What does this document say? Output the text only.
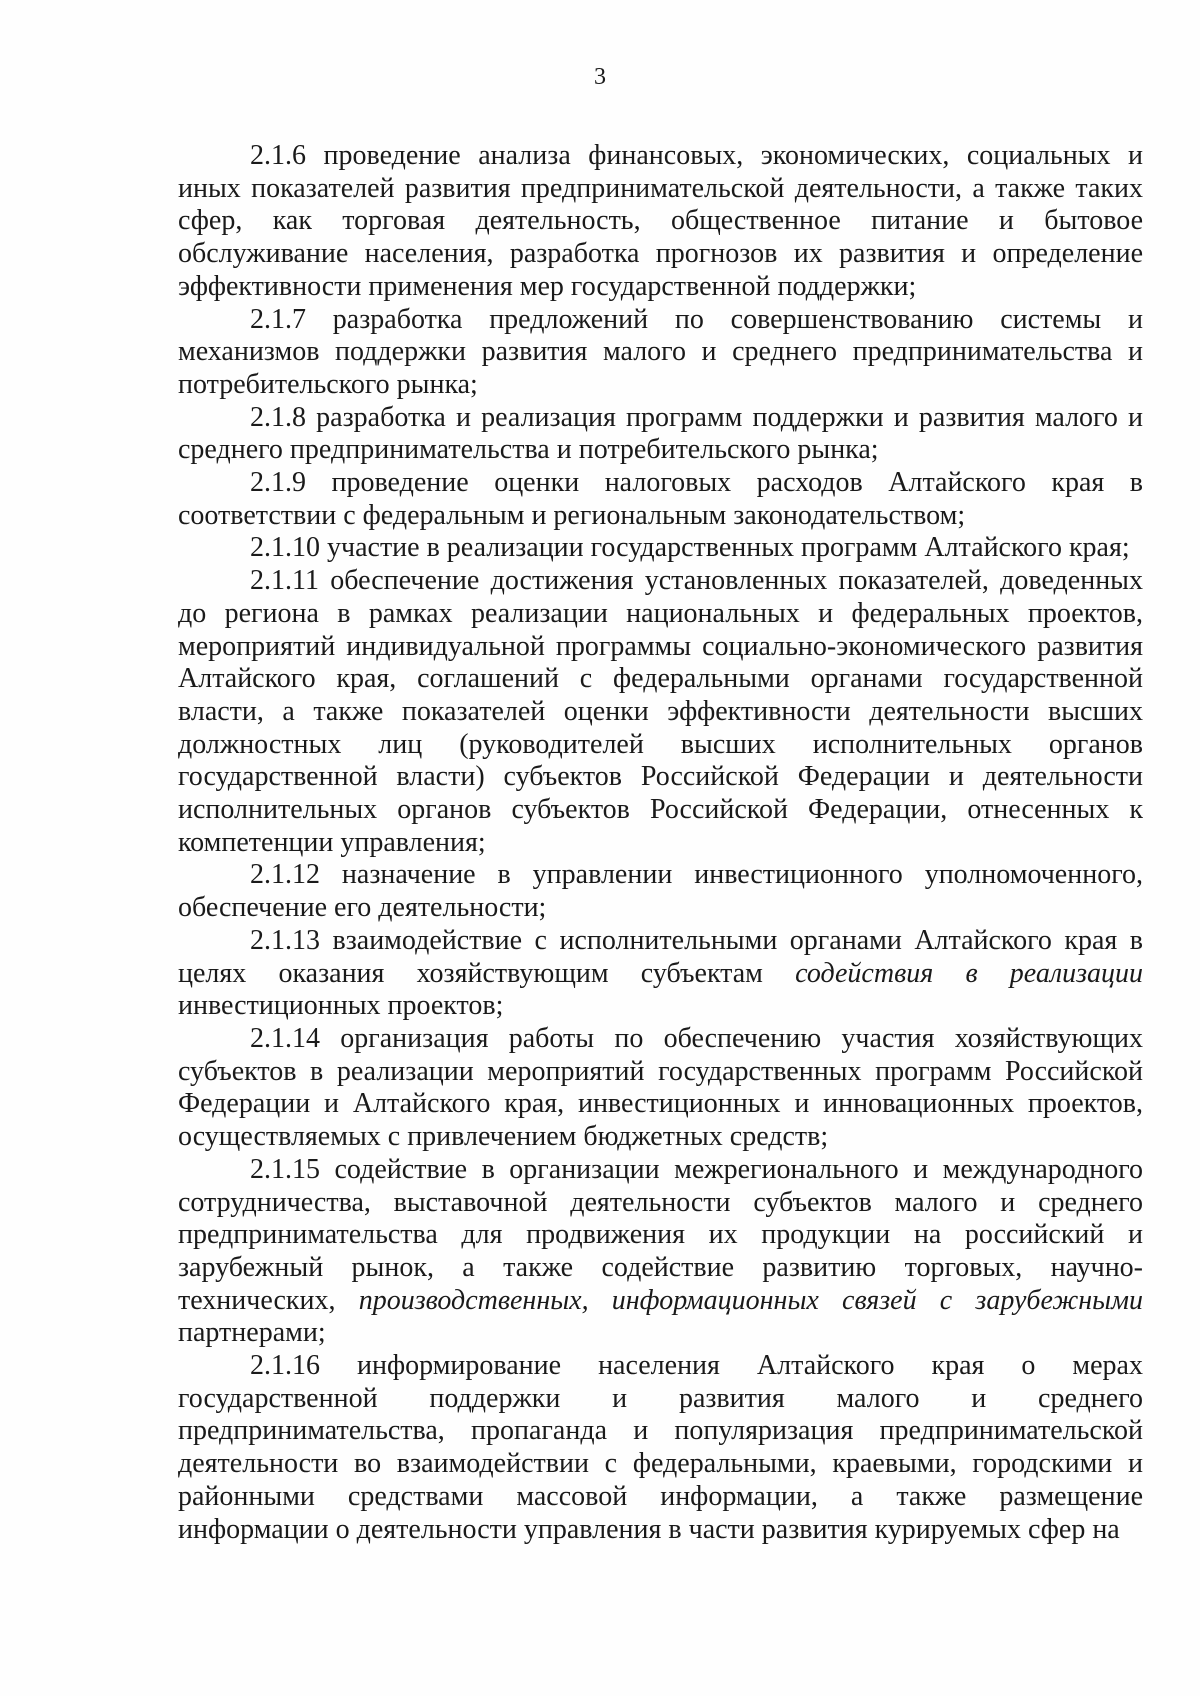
3

2.1.6 проведение анализа финансовых, экономических, социальных и иных показателей развития предпринимательской деятельности, а также таких сфер, как торговая деятельность, общественное питание и бытовое обслуживание населения, разработка прогнозов их развития и определение эффективности применения мер государственной поддержки;

2.1.7 разработка предложений по совершенствованию системы и механизмов поддержки развития малого и среднего предпринимательства и потребительского рынка;

2.1.8 разработка и реализация программ поддержки и развития малого и среднего предпринимательства и потребительского рынка;

2.1.9 проведение оценки налоговых расходов Алтайского края в соответствии с федеральным и региональным законодательством;

2.1.10 участие в реализации государственных программ Алтайского края;

2.1.11 обеспечение достижения установленных показателей, доведенных до региона в рамках реализации национальных и федеральных проектов, мероприятий индивидуальной программы социально-экономического развития Алтайского края, соглашений с федеральными органами государственной власти, а также показателей оценки эффективности деятельности высших должностных лиц (руководителей высших исполнительных органов государственной власти) субъектов Российской Федерации и деятельности исполнительных органов субъектов Российской Федерации, отнесенных к компетенции управления;

2.1.12 назначение в управлении инвестиционного уполномоченного, обеспечение его деятельности;

2.1.13 взаимодействие с исполнительными органами Алтайского края в целях оказания хозяйствующим субъектам содействия в реализации инвестиционных проектов;

2.1.14 организация работы по обеспечению участия хозяйствующих субъектов в реализации мероприятий государственных программ Российской Федерации и Алтайского края, инвестиционных и инновационных проектов, осуществляемых с привлечением бюджетных средств;

2.1.15 содействие в организации межрегионального и международного сотрудничества, выставочной деятельности субъектов малого и среднего предпринимательства для продвижения их продукции на российский и зарубежный рынок, а также содействие развитию торговых, научно-технических, производственных, информационных связей с зарубежными партнерами;

2.1.16 информирование населения Алтайского края о мерах государственной поддержки и развития малого и среднего предпринимательства, пропаганда и популяризация предпринимательской деятельности во взаимодействии с федеральными, краевыми, городскими и районными средствами массовой информации, а также размещение информации о деятельности управления в части развития курируемых сфер на
